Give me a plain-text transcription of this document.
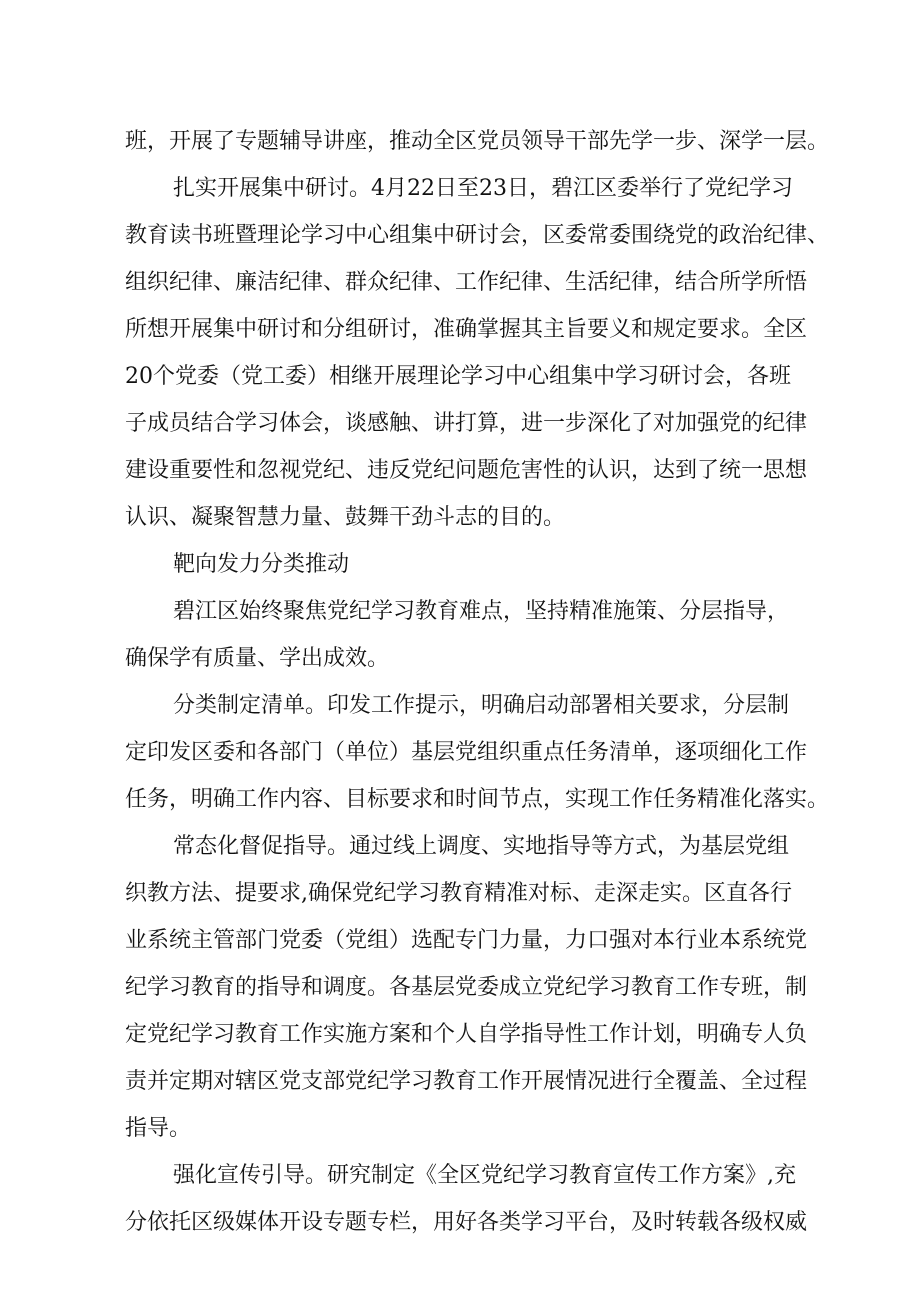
班，开展了专题辅导讲座，推动全区党员领导干部先学一步、深学一层。
扎实开展集中研讨。4月22日至23日，碧江区委举行了党纪学习
教育读书班暨理论学习中心组集中研讨会，区委常委围绕党的政治纪律、
组织纪律、廉洁纪律、群众纪律、工作纪律、生活纪律，结合所学所悟
所想开展集中研讨和分组研讨，准确掌握其主旨要义和规定要求。全区
20个党委（党工委）相继开展理论学习中心组集中学习研讨会，各班
子成员结合学习体会，谈感触、讲打算，进一步深化了对加强党的纪律
建设重要性和忽视党纪、违反党纪问题危害性的认识，达到了统一思想
认识、凝聚智慧力量、鼓舞干劲斗志的目的。
靶向发力分类推动
碧江区始终聚焦党纪学习教育难点，坚持精准施策、分层指导，
确保学有质量、学出成效。
分类制定清单。印发工作提示，明确启动部署相关要求，分层制
定印发区委和各部门（单位）基层党组织重点任务清单，逐项细化工作
任务，明确工作内容、目标要求和时间节点，实现工作任务精准化落实。
常态化督促指导。通过线上调度、实地指导等方式，为基层党组
织教方法、提要求,确保党纪学习教育精准对标、走深走实。区直各行
业系统主管部门党委（党组）选配专门力量，力口强对本行业本系统党
纪学习教育的指导和调度。各基层党委成立党纪学习教育工作专班，制
定党纪学习教育工作实施方案和个人自学指导性工作计划，明确专人负
责并定期对辖区党支部党纪学习教育工作开展情况进行全覆盖、全过程
指导。
强化宣传引导。研究制定《全区党纪学习教育宣传工作方案》,充
分依托区级媒体开设专题专栏，用好各类学习平台，及时转载各级权威
